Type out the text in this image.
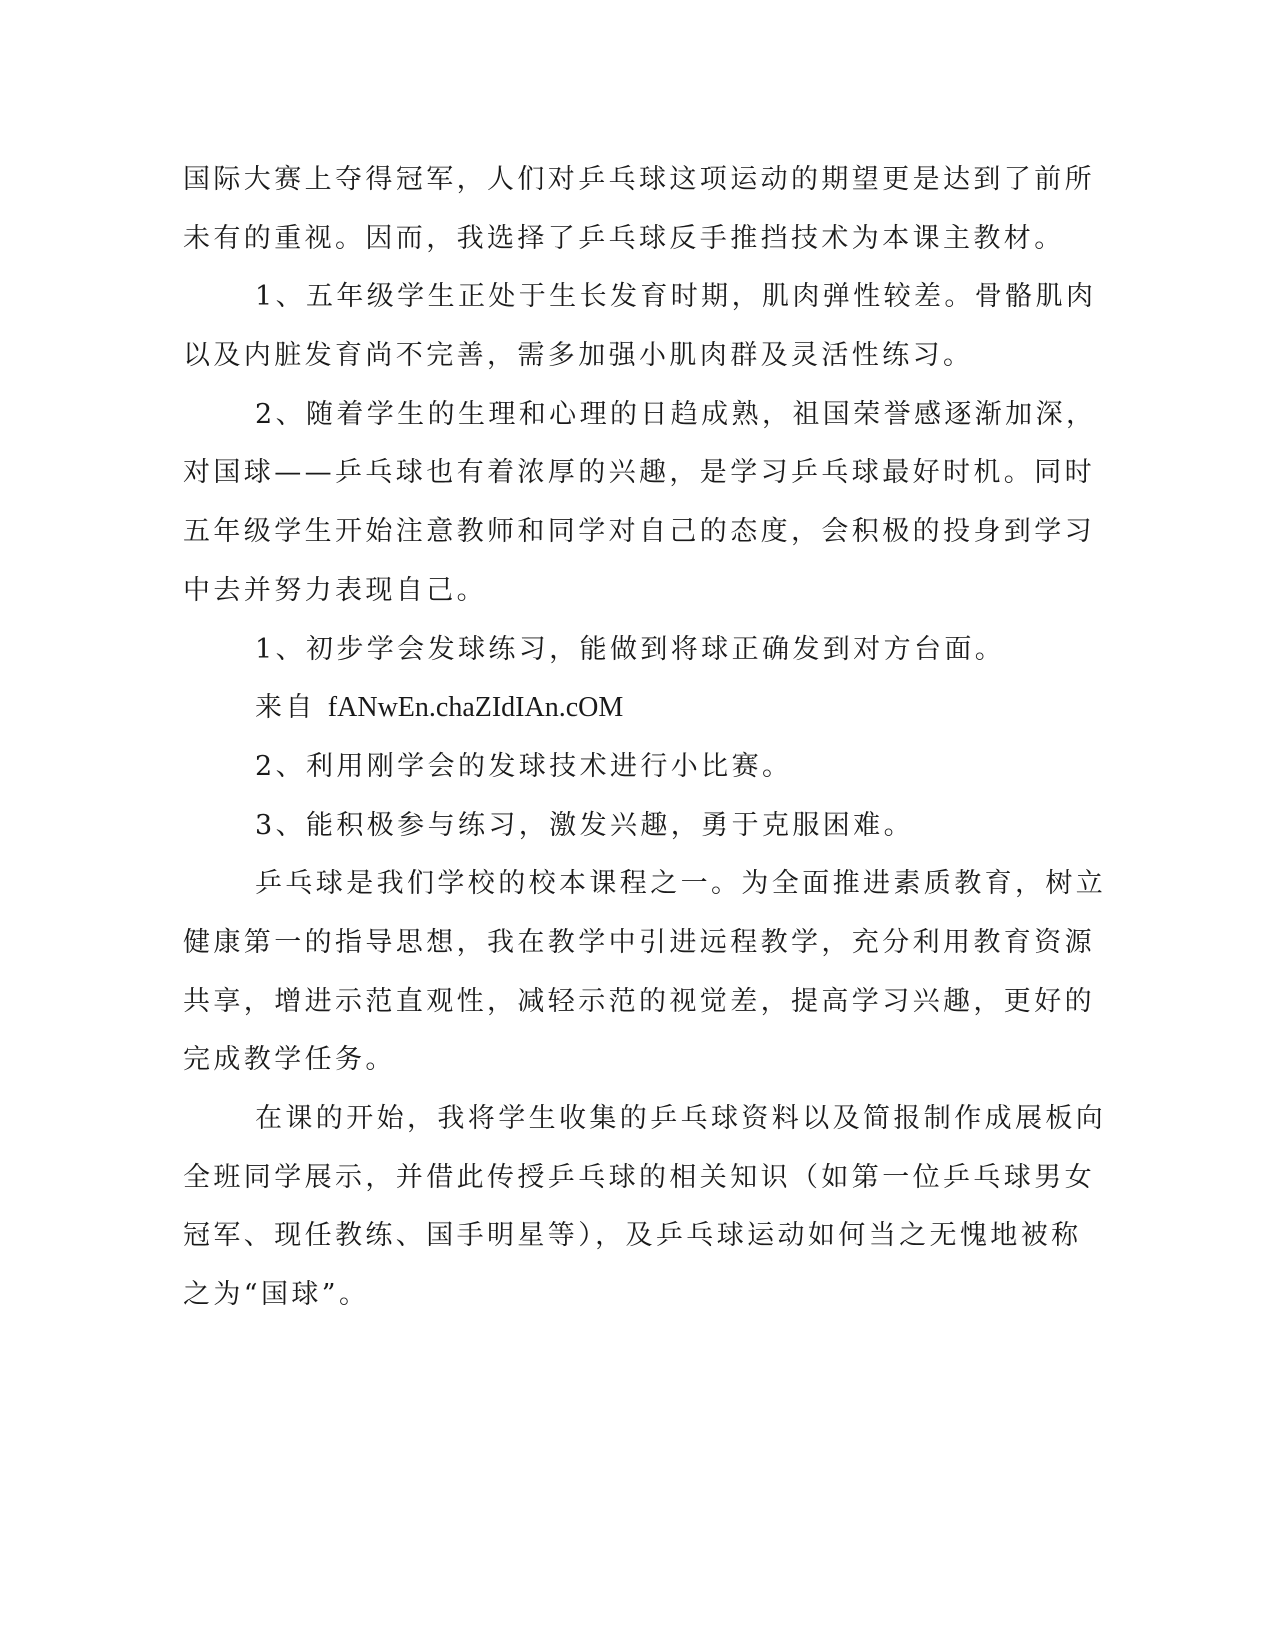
国际大赛上夺得冠军，人们对乒乓球这项运动的期望更是达到了前所
未有的重视。因而，我选择了乒乓球反手推挡技术为本课主教材。
1、五年级学生正处于生长发育时期，肌肉弹性较差。骨骼肌肉
以及内脏发育尚不完善，需多加强小肌肉群及灵活性练习。
2、随着学生的生理和心理的日趋成熟，祖国荣誉感逐渐加深，
对国球——乒乓球也有着浓厚的兴趣，是学习乒乓球最好时机。同时
五年级学生开始注意教师和同学对自己的态度，会积极的投身到学习
中去并努力表现自己。
1、初步学会发球练习，能做到将球正确发到对方台面。
来自 fANwEn.chaZIdIAn.cOM
2、利用刚学会的发球技术进行小比赛。
3、能积极参与练习，激发兴趣，勇于克服困难。
乒乓球是我们学校的校本课程之一。为全面推进素质教育，树立
健康第一的指导思想，我在教学中引进远程教学，充分利用教育资源
共享，增进示范直观性，减轻示范的视觉差，提高学习兴趣，更好的
完成教学任务。
在课的开始，我将学生收集的乒乓球资料以及简报制作成展板向
全班同学展示，并借此传授乒乓球的相关知识（如第一位乒乓球男女
冠军、现任教练、国手明星等），及乒乓球运动如何当之无愧地被称
之为“国球”。
